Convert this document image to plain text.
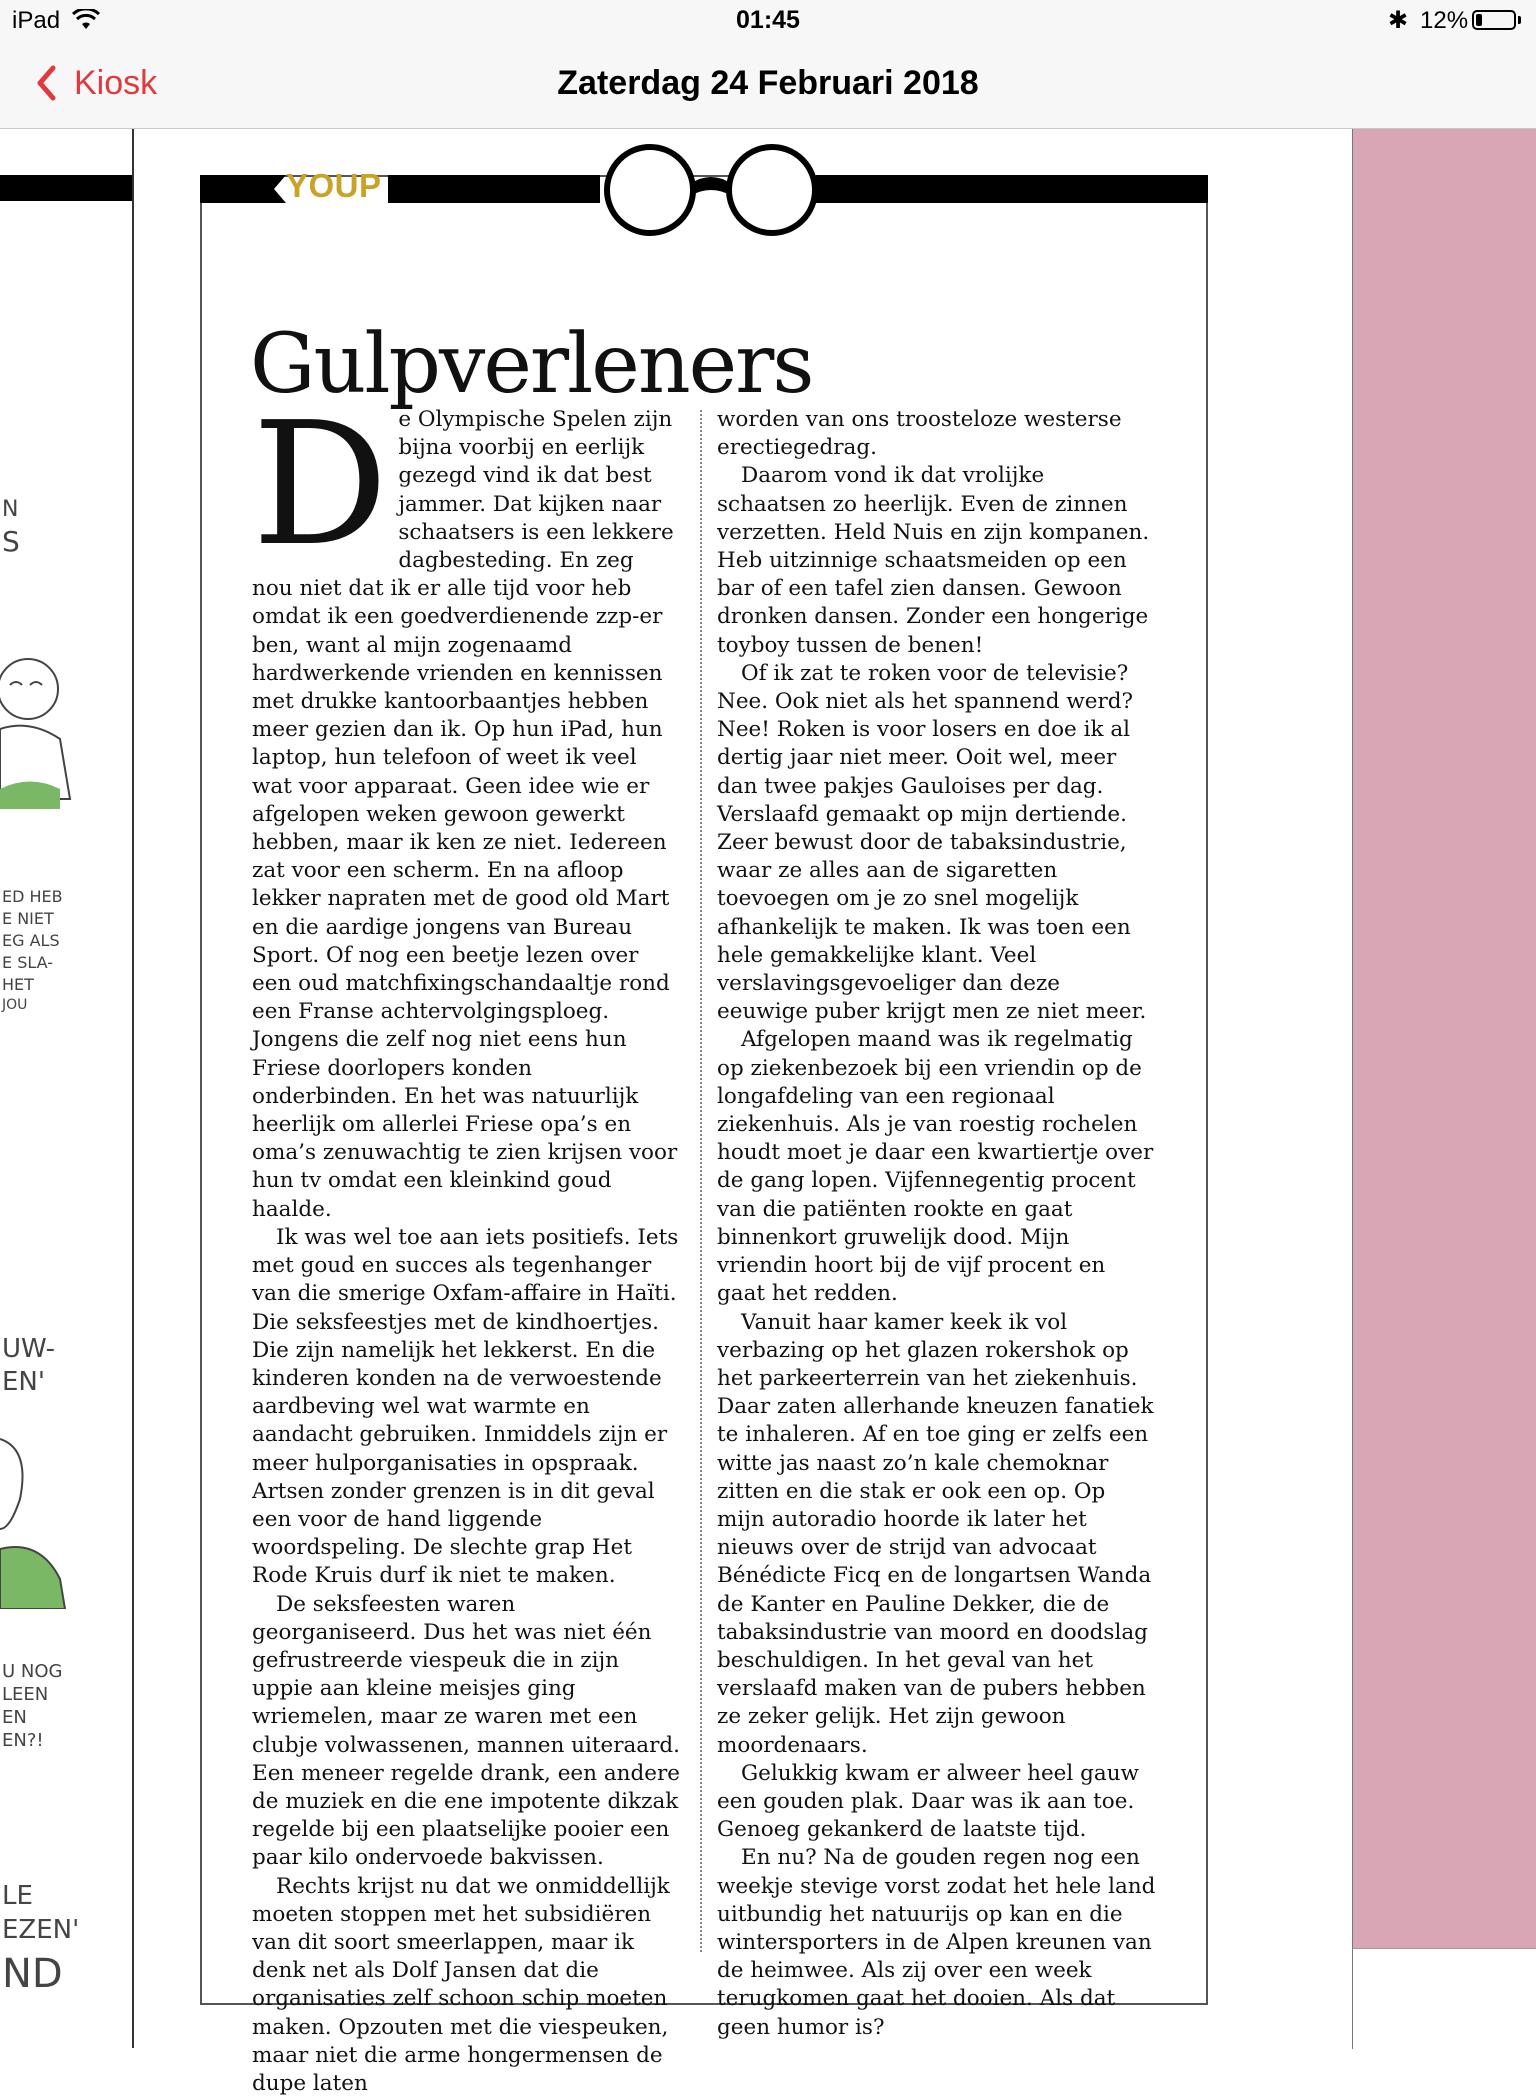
iPad	01:45	✱ 12%
Kiosk	Zaterdag 24 Februari 2018
N
S
ED HEB
E NIET
EG ALS
E SLA-
HET
JOU
UW-
EN'
U NOG
LEEN
EN
EN?!
LE
EZEN'
ND
YOUP
Gulpverleners
D e Olympische Spelen zijn bijna voorbij en eerlijk gezegd vind ik dat best jammer. Dat kijken naar schaatsers is een lekkere dagbesteding. En zeg nou niet dat ik er alle tijd voor heb omdat ik een goedverdienende zzp-er ben, want al mijn zogenaamd hardwerkende vrienden en kennissen met drukke kantoorbaantjes hebben meer gezien dan ik. Op hun iPad, hun laptop, hun telefoon of weet ik veel wat voor apparaat. Geen idee wie er afgelopen weken gewoon gewerkt hebben, maar ik ken ze niet. Iedereen zat voor een scherm. En na afloop lekker napraten met de good old Mart en die aardige jongens van Bureau Sport. Of nog een beetje lezen over een oud matchfixingschandaaltje rond een Franse achtervolgingsploeg. Jongens die zelf nog niet eens hun Friese doorlopers konden onderbinden. En het was natuurlijk heerlijk om allerlei Friese opa’s en oma’s zenuwachtig te zien krijsen voor hun tv omdat een kleinkind goud haalde.

Ik was wel toe aan iets positiefs. Iets met goud en succes als tegenhanger van die smerige Oxfam-affaire in Haïti. Die seksfeestjes met de kindhoertjes. Die zijn namelijk het lekkerst. En die kinderen konden na de verwoestende aardbeving wel wat warmte en aandacht gebruiken. Inmiddels zijn er meer hulporganisaties in opspraak. Artsen zonder grenzen is in dit geval een voor de hand liggende woordspeling. De slechte grap Het Rode Kruis durf ik niet te maken.

De seksfeesten waren georganiseerd. Dus het was niet één gefrustreerde viespeuk die in zijn uppie aan kleine meisjes ging wriemelen, maar ze waren met een clubje volwassenen, mannen uiteraard. Een meneer regelde drank, een andere de muziek en die ene impotente dikzak regelde bij een plaatselijke pooier een paar kilo ondervoede bakvissen.

Rechts krijst nu dat we onmiddellijk moeten stoppen met het subsidiëren van dit soort smeerlappen, maar ik denk net als Dolf Jansen dat die organisaties zelf schoon schip moeten maken. Opzouten met die viespeuken, maar niet die arme hongermensen de dupe laten

worden van ons troosteloze westerse erectiegedrag.

Daarom vond ik dat vrolijke schaatsen zo heerlijk. Even de zinnen verzetten. Held Nuis en zijn kompanen. Heb uitzinnige schaatsmeiden op een bar of een tafel zien dansen. Gewoon dronken dansen. Zonder een hongerige toyboy tussen de benen!

Of ik zat te roken voor de televisie? Nee. Ook niet als het spannend werd? Nee! Roken is voor losers en doe ik al dertig jaar niet meer. Ooit wel, meer dan twee pakjes Gauloises per dag. Verslaafd gemaakt op mijn dertiende. Zeer bewust door de tabaksindustrie, waar ze alles aan de sigaretten toevoegen om je zo snel mogelijk afhankelijk te maken. Ik was toen een hele gemakkelijke klant. Veel verslavingsgevoeliger dan deze eeuwige puber krijgt men ze niet meer.

Afgelopen maand was ik regelmatig op ziekenbezoek bij een vriendin op de longafdeling van een regionaal ziekenhuis. Als je van roestig rochelen houdt moet je daar een kwartiertje over de gang lopen. Vijfennegentig procent van die patiënten rookte en gaat binnenkort gruwelijk dood. Mijn vriendin hoort bij de vijf procent en gaat het redden.

Vanuit haar kamer keek ik vol verbazing op het glazen rokershok op het parkeerterrein van het ziekenhuis. Daar zaten allerhande kneuzen fanatiek te inhaleren. Af en toe ging er zelfs een witte jas naast zo’n kale chemoknar zitten en die stak er ook een op. Op mijn autoradio hoorde ik later het nieuws over de strijd van advocaat Bénédicte Ficq en de longartsen Wanda de Kanter en Pauline Dekker, die de tabaksindustrie van moord en doodslag beschuldigen. In het geval van het verslaafd maken van de pubers hebben ze zeker gelijk. Het zijn gewoon moordenaars.

Gelukkig kwam er alweer heel gauw een gouden plak. Daar was ik aan toe. Genoeg gekankerd de laatste tijd.

En nu? Na de gouden regen nog een weekje stevige vorst zodat het hele land uitbundig het natuurijs op kan en die wintersporters in de Alpen kreunen van de heimwee. Als zij over een week terugkomen gaat het dooien. Als dat geen humor is?
